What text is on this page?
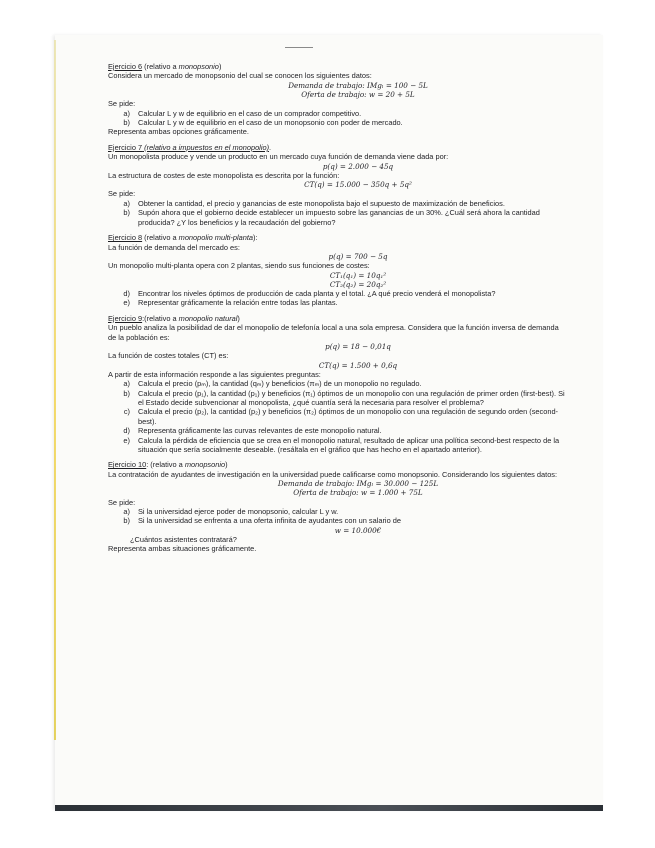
Ejercicio 6 (relativo a monopsonio)

Considera un mercado de monopsonio del cual se conocen los siguientes datos:

Demanda de trabajo: IMgₗ = 100 − 5L

Oferta de trabajo: w = 20 + 5L

Se pide:

a)	Calcular L y w de equilibrio en el caso de un comprador competitivo.
b)	Calcular L y w de equilibrio en el caso de un monopsonio con poder de mercado.

Representa ambas opciones gráficamente.

Ejercicio 7 (relativo a impuestos en el monopolio).

Un monopolista produce y vende un producto en un mercado cuya función de demanda viene dada por:

p(q) = 2.000 − 45q

La estructura de costes de este monopolista es descrita por la función:

CT(q) = 15.000 − 350q + 5q²

Se pide:

a)	Obtener la cantidad, el precio y ganancias de este monopolista bajo el supuesto de maximización de beneficios.
b)	Supón ahora que el gobierno decide establecer un impuesto sobre las ganancias de un 30%. ¿Cuál será ahora la cantidad producida? ¿Y los beneficios y la recaudación del gobierno?

Ejercicio 8 (relativo a monopolio multi-planta):

La función de demanda del mercado es:

p(q) = 700 − 5q

Un monopolio multi-planta opera con 2 plantas, siendo sus funciones de costes:

CT₁(q₁) = 10q₁²

CT₂(q₂) = 20q₂²

d)	Encontrar los niveles óptimos de producción de cada planta y el total. ¿A qué precio venderá el monopolista?
e)	Representar gráficamente la relación entre todas las plantas.

Ejercicio 9:(relativo a monopolio natural)

Un pueblo analiza la posibilidad de dar el monopolio de telefonía local a una sola empresa. Considera que la función inversa de demanda de la población es:

p(q) = 18 − 0,01q

La función de costes totales (CT) es:

CT(q) = 1.500 + 0,6q

A partir de esta información responde a las siguientes preguntas:

a)	Calcula el precio (pₘ), la cantidad (qₘ) y beneficios (πₘ) de un monopolio no regulado.
b)	Calcula el precio (p₁), la cantidad (p₁) y beneficios (π₁) óptimos de un monopolio con una regulación de primer orden (first-best). Si el Estado decide subvencionar al monopolista, ¿qué cuantía será la necesaria para resolver el problema?
c)	Calcula el precio (p₂), la cantidad (p₂) y beneficios (π₂) óptimos de un monopolio con una regulación de segundo orden (second-best).
d)	Representa gráficamente las curvas relevantes de este monopolio natural.
e)	Calcula la pérdida de eficiencia que se crea en el monopolio natural, resultado de aplicar una política second-best respecto de la situación que sería socialmente deseable. (resáltala en el gráfico que has hecho en el apartado anterior).

Ejercicio 10: (relativo a monopsonio)

La contratación de ayudantes de investigación en la universidad puede calificarse como monopsonio. Considerando los siguientes datos:

Demanda de trabajo: IMgₗ = 30.000 − 125L

Oferta de trabajo: w = 1.000 + 75L

Se pide:

a)	Si la universidad ejerce poder de monopsonio, calcular L y w.
b)	Si la universidad se enfrenta a una oferta infinita de ayudantes con un salario de

w = 10.000€

¿Cuántos asistentes contratará?

Representa ambas situaciones gráficamente.
